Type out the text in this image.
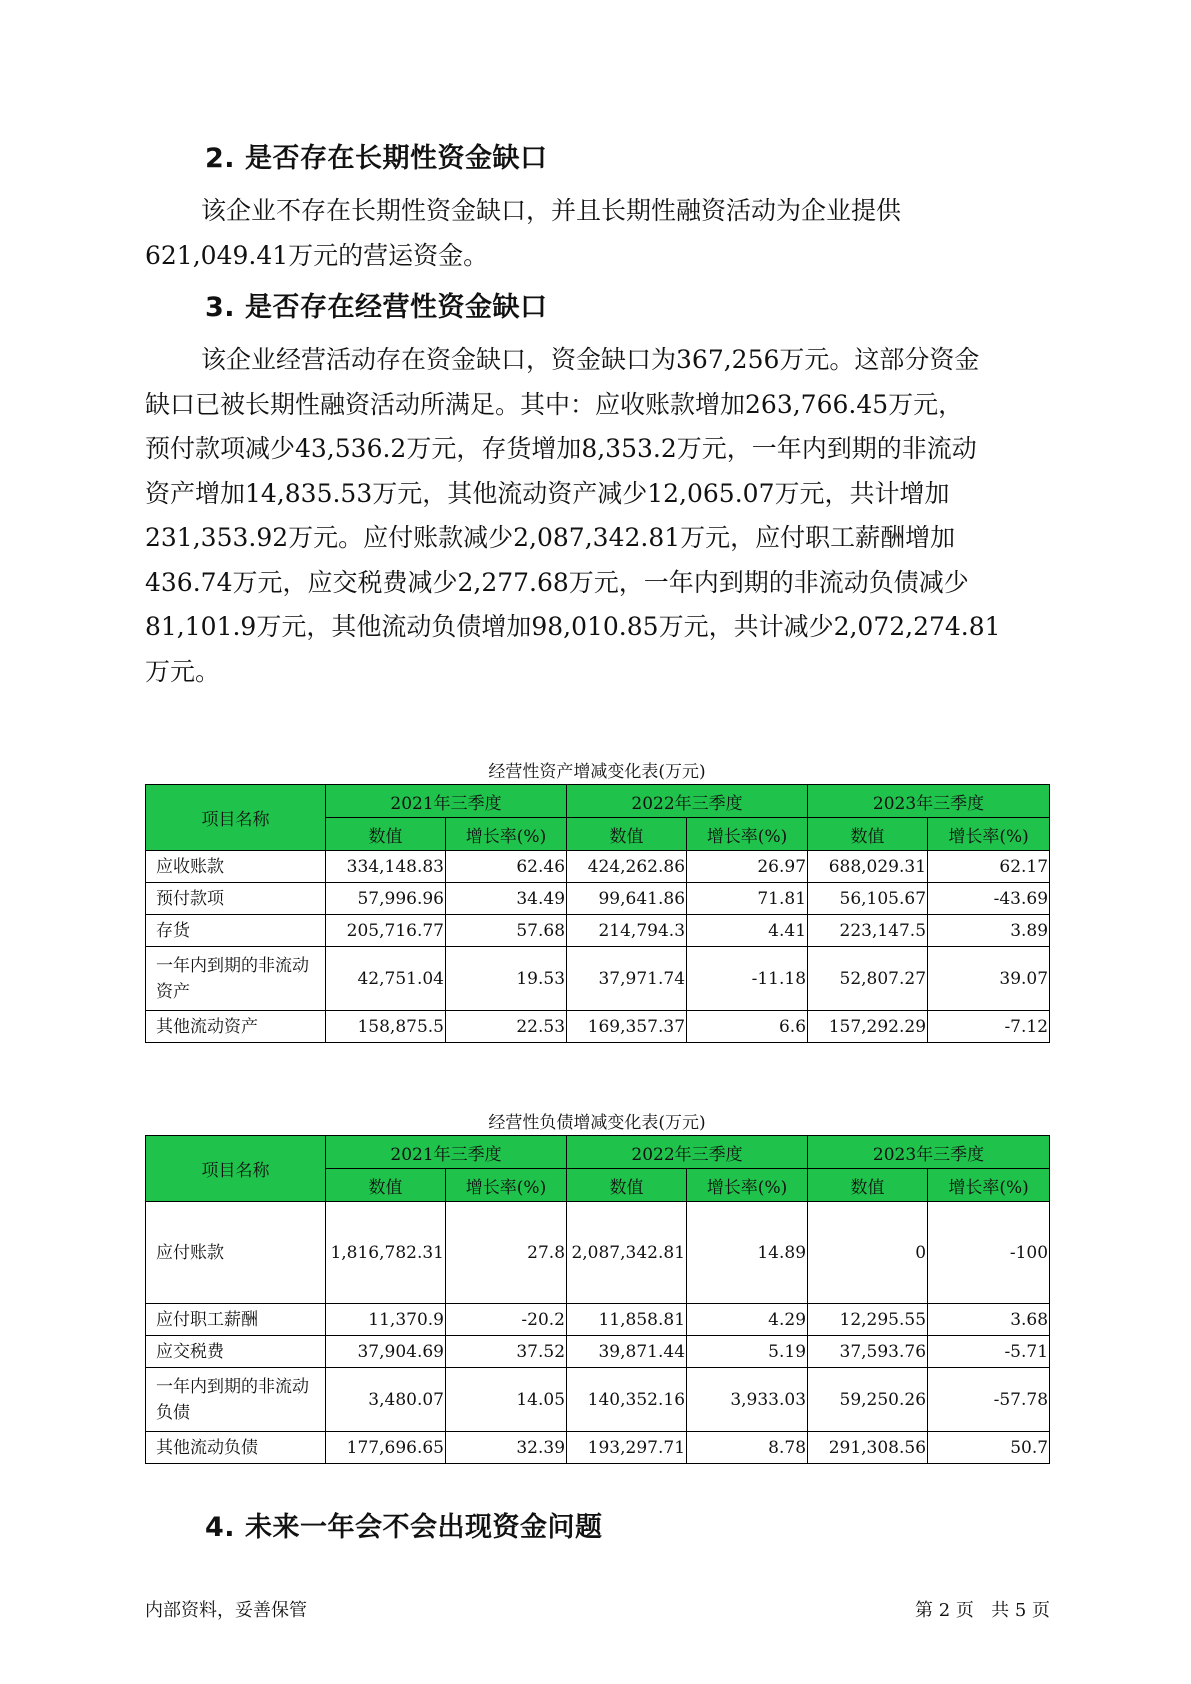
2. 是否存在长期性资金缺口

该企业不存在长期性资金缺口，并且长期性融资活动为企业提供
621,049.41万元的营运资金。

3. 是否存在经营性资金缺口

该企业经营活动存在资金缺口，资金缺口为367,256万元。这部分资金
缺口已被长期性融资活动所满足。其中：应收账款增加263,766.45万元，
预付款项减少43,536.2万元，存货增加8,353.2万元，一年内到期的非流动
资产增加14,835.53万元，其他流动资产减少12,065.07万元，共计增加
231,353.92万元。应付账款减少2,087,342.81万元，应付职工薪酬增加
436.74万元，应交税费减少2,277.68万元，一年内到期的非流动负债减少
81,101.9万元，其他流动负债增加98,010.85万元，共计减少2,072,274.81
万元。

经营性资产增减变化表(万元)

项目名称	2021年三季度		2022年三季度		2023年三季度	
	数值	增长率(%)	数值	增长率(%)	数值	增长率(%)
应收账款	334,148.83	62.46	424,262.86	26.97	688,029.31	62.17
预付款项	57,996.96	34.49	99,641.86	71.81	56,105.67	-43.69
存货	205,716.77	57.68	214,794.3	4.41	223,147.5	3.89
一年内到期的非流动资产	42,751.04	19.53	37,971.74	-11.18	52,807.27	39.07
其他流动资产	158,875.5	22.53	169,357.37	6.6	157,292.29	-7.12

经营性负债增减变化表(万元)

项目名称	2021年三季度		2022年三季度		2023年三季度	
	数值	增长率(%)	数值	增长率(%)	数值	增长率(%)
应付账款	1,816,782.31	27.8	2,087,342.81	14.89	0	-100
应付职工薪酬	11,370.9	-20.2	11,858.81	4.29	12,295.55	3.68
应交税费	37,904.69	37.52	39,871.44	5.19	37,593.76	-5.71
一年内到期的非流动负债	3,480.07	14.05	140,352.16	3,933.03	59,250.26	-57.78
其他流动负债	177,696.65	32.39	193,297.71	8.78	291,308.56	50.7
4. 未来一年会不会出现资金问题

内部资料，妥善保管	第 2 页   共 5 页
